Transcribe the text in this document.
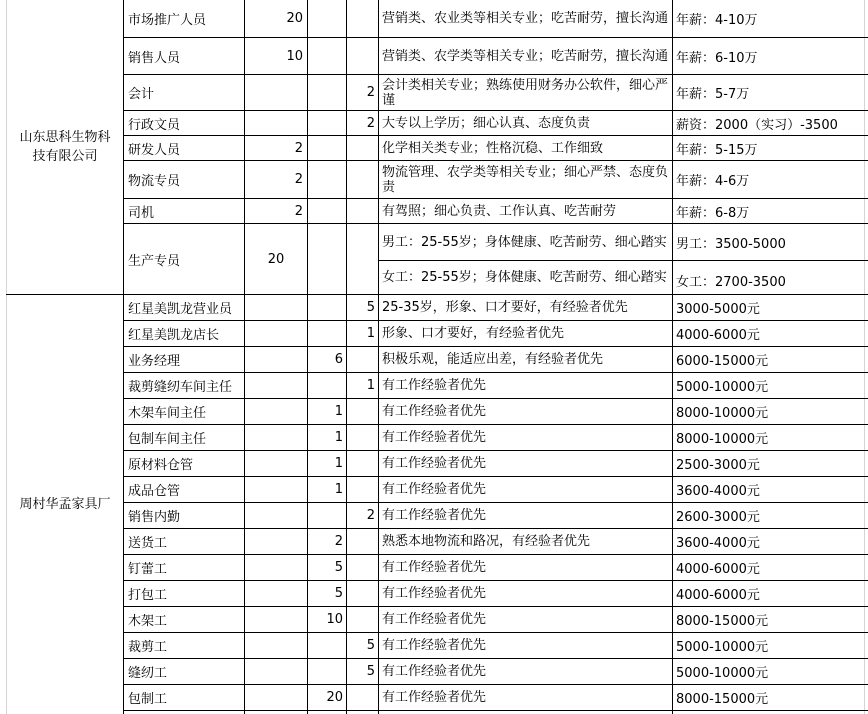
山东思科生物科技有限公司
市场推广人员	20	营销类、农业类等相关专业；吃苦耐劳，擅长沟通 年薪：4-10万
销售人员	10	营销类、农学类等相关专业；吃苦耐劳，擅长沟通 年薪：6-10万
会计	2 会计类相关专业；熟练使用财务办公软件，细心严谨	年薪：5-7万
行政文员	2 大专以上学历；细心认真、态度负责	薪资：2000（实习）-3500
研发人员	2	化学相关类专业；性格沉稳、工作细致	年薪：5-15万
物流专员	2	物流管理、农学类等相关专业；细心严禁、态度负责	年薪：4-6万
司机	2	有驾照；细心负责、工作认真、吃苦耐劳	年薪：6-8万
生产专员	20
男工：25-55岁；身体健康、吃苦耐劳、细心踏实 男工：3500-5000
女工：25-55岁；身体健康、吃苦耐劳、细心踏实 女工：2700-3500
周村华孟家具厂
红星美凯龙营业员	5 25-35岁，形象、口才要好，有经验者优先	3000-5000元
红星美凯龙店长	1 形象、口才要好，有经验者优先	4000-6000元
业务经理	6	积极乐观，能适应出差，有经验者优先	6000-15000元
裁剪缝纫车间主任	1 有工作经验者优先	5000-10000元
木架车间主任	1	有工作经验者优先	8000-10000元
包制车间主任	1	有工作经验者优先	8000-10000元
原材料仓管	1	有工作经验者优先	2500-3000元
成品仓管	1	有工作经验者优先	3600-4000元
销售内勤	2 有工作经验者优先	2600-3000元
送货工	2	熟悉本地物流和路况，有经验者优先	3600-4000元
钉蕾工	5	有工作经验者优先	4000-6000元
打包工	5	有工作经验者优先	4000-6000元
木架工	10	有工作经验者优先	8000-15000元
裁剪工	5 有工作经验者优先	5000-10000元
缝纫工	5 有工作经验者优先	5000-10000元
包制工	20	有工作经验者优先	8000-15000元
